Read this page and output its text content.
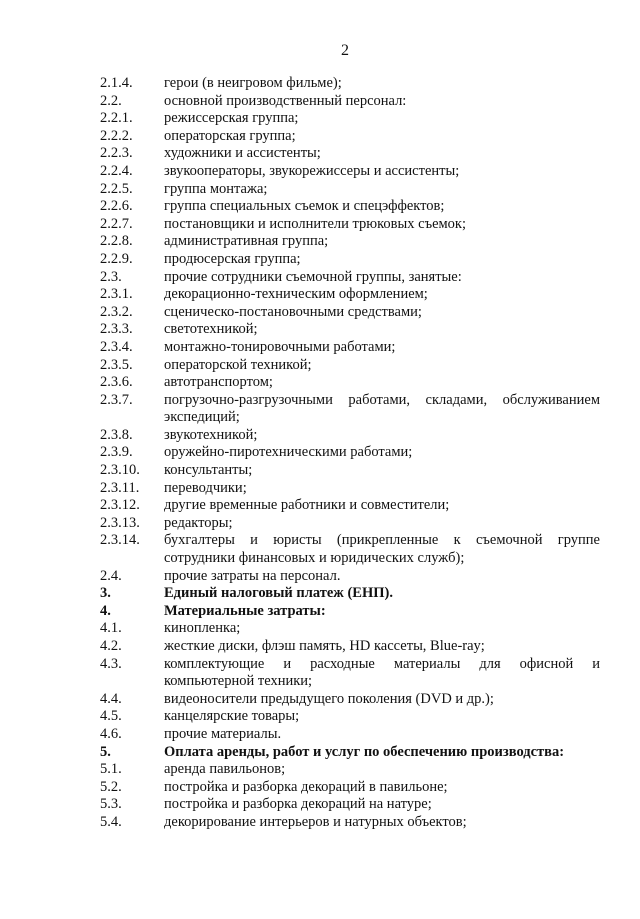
2
2.1.4.	герои (в неигровом фильме);
2.2.	основной производственный персонал:
2.2.1.	режиссерская группа;
2.2.2.	операторская группа;
2.2.3.	художники и ассистенты;
2.2.4.	звукооператоры, звукорежиссеры и ассистенты;
2.2.5.	группа монтажа;
2.2.6.	группа специальных съемок и спецэффектов;
2.2.7.	постановщики и исполнители трюковых съемок;
2.2.8.	административная группа;
2.2.9.	продюсерская группа;
2.3.	прочие сотрудники съемочной группы, занятые:
2.3.1.	декорационно-техническим оформлением;
2.3.2.	сценическо-постановочными средствами;
2.3.3.	светотехникой;
2.3.4.	монтажно-тонировочными работами;
2.3.5.	операторской техникой;
2.3.6.	автотранспортом;
2.3.7.	погрузочно-разгрузочными работами, складами, обслуживанием экспедиций;
2.3.8.	звукотехникой;
2.3.9.	оружейно-пиротехническими работами;
2.3.10.	консультанты;
2.3.11.	переводчики;
2.3.12.	другие временные работники и совместители;
2.3.13.	редакторы;
2.3.14.	бухгалтеры и юристы (прикрепленные к съемочной группе сотрудники финансовых и юридических служб);
2.4.	прочие затраты на персонал.
3.	Единый налоговый платеж (ЕНП).
4.	Материальные затраты:
4.1.	кинопленка;
4.2.	жесткие диски, флэш память, HD кассеты, Blue-ray;
4.3.	комплектующие и расходные материалы для офисной и компьютерной техники;
4.4.	видеоносители предыдущего поколения (DVD и др.);
4.5.	канцелярские товары;
4.6.	прочие материалы.
5.	Оплата аренды, работ и услуг по обеспечению производства:
5.1.	аренда павильонов;
5.2.	постройка и разборка декораций в павильоне;
5.3.	постройка и разборка декораций на натуре;
5.4.	декорирование интерьеров и натурных объектов;
